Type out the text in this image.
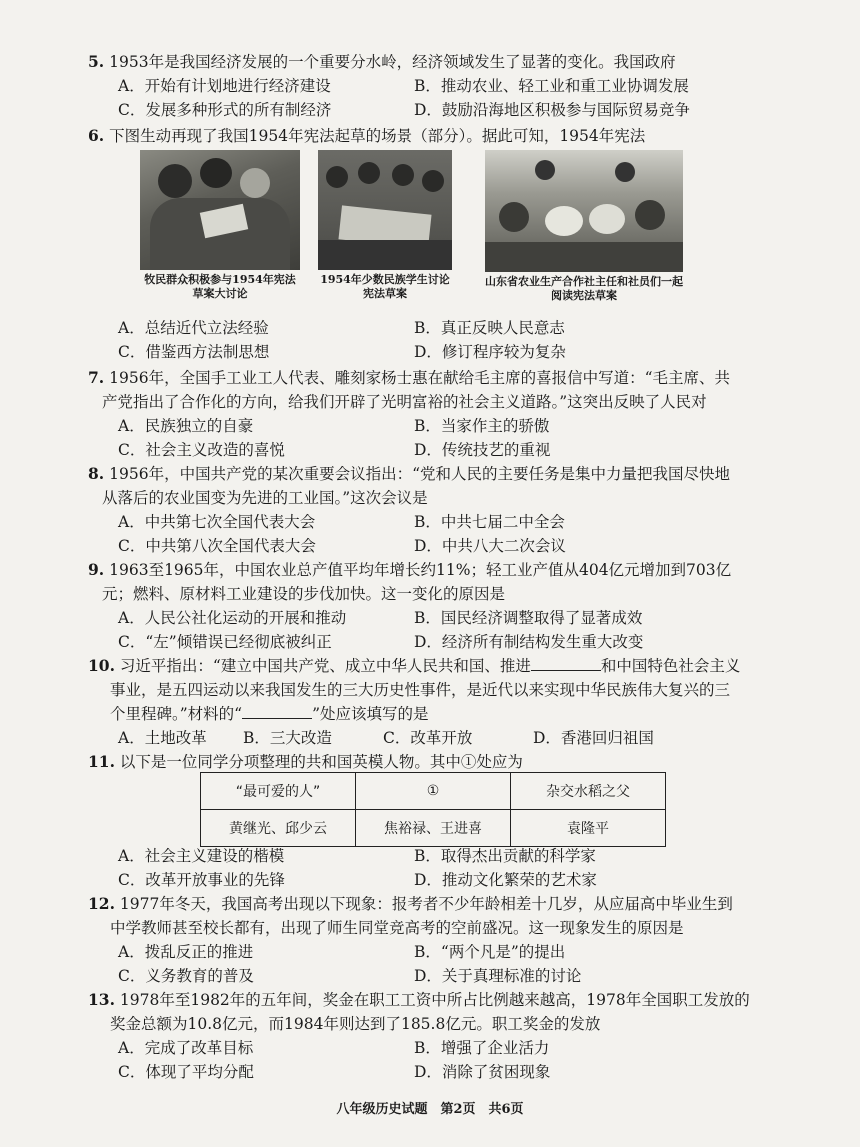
5. 1953年是我国经济发展的一个重要分水岭，经济领域发生了显著的变化。我国政府
A．开始有计划地进行经济建设	B．推动农业、轻工业和重工业协调发展
C．发展多种形式的所有制经济	D．鼓励沿海地区积极参与国际贸易竞争
6. 下图生动再现了我国1954年宪法起草的场景（部分）。据此可知，1954年宪法
牧民群众积极参与1954年宪法草案大讨论
1954年少数民族学生讨论宪法草案
山东省农业生产合作社主任和社员们一起阅读宪法草案
A．总结近代立法经验	B．真正反映人民意志
C．借鉴西方法制思想	D．修订程序较为复杂
7. 1956年，全国手工业工人代表、雕刻家杨士惠在献给毛主席的喜报信中写道：“毛主席、共
产党指出了合作化的方向，给我们开辟了光明富裕的社会主义道路。”这突出反映了人民对
A．民族独立的自豪	B．当家作主的骄傲
C．社会主义改造的喜悦	D．传统技艺的重视
8. 1956年，中国共产党的某次重要会议指出：“党和人民的主要任务是集中力量把我国尽快地
从落后的农业国变为先进的工业国。”这次会议是
A．中共第七次全国代表大会	B．中共七届二中全会
C．中共第八次全国代表大会	D．中共八大二次会议
9. 1963至1965年，中国农业总产值平均年增长约11%；轻工业产值从404亿元增加到703亿
元；燃料、原材料工业建设的步伐加快。这一变化的原因是
A．人民公社化运动的开展和推动	B．国民经济调整取得了显著成效
C．“左”倾错误已经彻底被纠正	D．经济所有制结构发生重大改变
10. 习近平指出：“建立中国共产党、成立中华人民共和国、推进	和中国特色社会主义
事业，是五四运动以来我国发生的三大历史性事件，是近代以来实现中华民族伟大复兴的三
个里程碑。”材料的“	”处应该填写的是
A．土地改革 B．三大改造	C．改革开放	D．香港回归祖国
11. 以下是一位同学分项整理的共和国英模人物。其中①处应为
“最可爱的人”	①	杂交水稻之父
黄继光、邱少云	焦裕禄、王进喜	袁隆平
A．社会主义建设的楷模	B．取得杰出贡献的科学家
C．改革开放事业的先锋	D．推动文化繁荣的艺术家
12. 1977年冬天，我国高考出现以下现象：报考者不少年龄相差十几岁，从应届高中毕业生到
中学教师甚至校长都有，出现了师生同堂竞高考的空前盛况。这一现象发生的原因是
A．拨乱反正的推进	B．“两个凡是”的提出
C．义务教育的普及	D．关于真理标准的讨论
13. 1978年至1982年的五年间，奖金在职工工资中所占比例越来越高，1978年全国职工发放的
奖金总额为10.8亿元，而1984年则达到了185.8亿元。职工奖金的发放
A．完成了改革目标	B．增强了企业活力
C．体现了平均分配	D．消除了贫困现象
八年级历史试题　第2页　共6页
